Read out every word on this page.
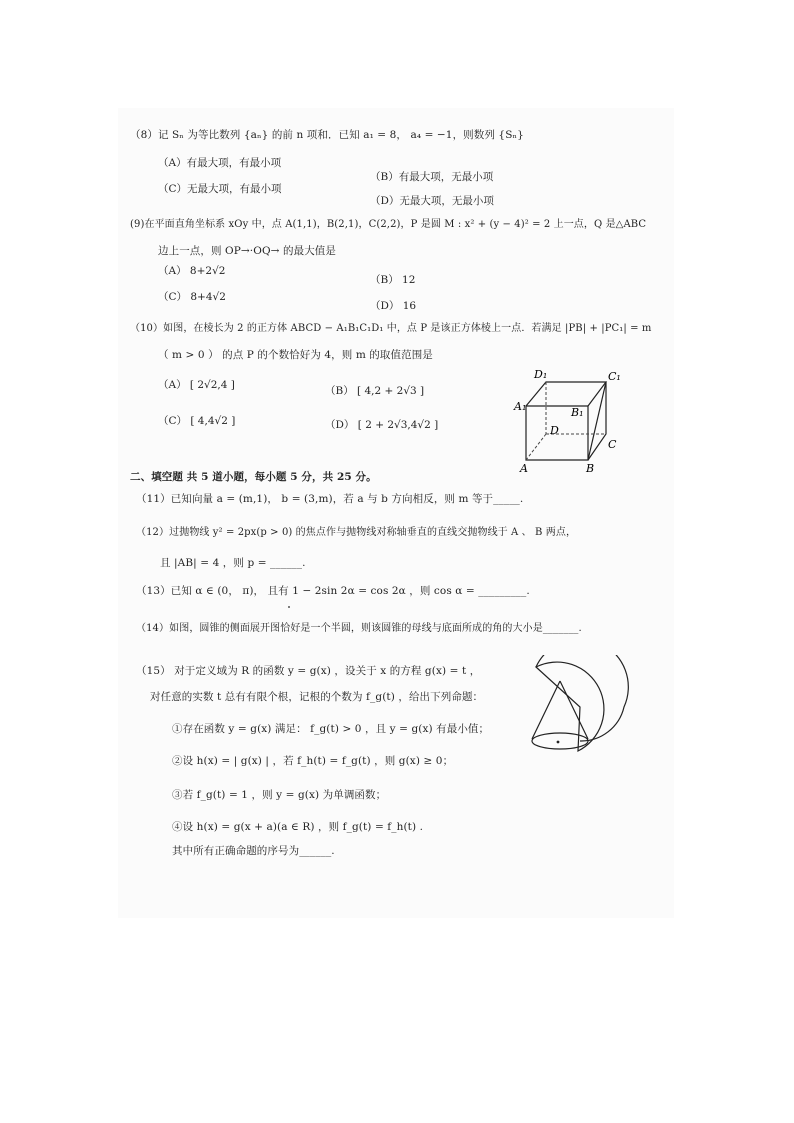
（8）记 Sₙ 为等比数列 {aₙ} 的前 n 项和．已知 a₁ = 8， a₄ = −1，则数列 {Sₙ}
（A）有最大项，有最小项
（B）有最大项，无最小项
（C）无最大项，有最小项
（D）无最大项，无最小项
(9)在平面直角坐标系 xOy 中，点 A(1,1)，B(2,1)，C(2,2)，P 是圆 M : x² + (y − 4)² = 2 上一点，Q 是△ABC
边上一点，则 OP→·OQ→ 的最大值是
（A） 8+2√2
（B） 12
（C） 8+4√2
（D） 16
（10）如图，在棱长为 2 的正方体 ABCD − A₁B₁C₁D₁ 中，点 P 是该正方体棱上一点．若满足 |PB| + |PC₁| = m
（ m > 0 ） 的点 P 的个数恰好为 4，则 m 的取值范围是
（A） [ 2√2,4 ]	（B） [ 4,2 + 2√3 ]
（C） [ 4,4√2 ]	（D） [ 2 + 2√3,4√2 ]
D₁	C₁
A₁	B₁
D
C
A	B
二、填空题 共 5 道小题，每小题 5 分，共 25 分。
（11）已知向量 a = (m,1)， b = (3,m)，若 a 与 b 方向相反，则 m 等于_____.
（12）过抛物线 y² = 2px(p > 0) 的焦点作与抛物线对称轴垂直的直线交抛物线于 A 、 B 两点，
且 |AB| = 4 ，则 p = ______.
（13）已知 α ∈ (0， π)， 且有 1 − 2sin 2α = cos 2α ，则 cos α = _________.
（14）如图，圆锥的侧面展开图恰好是一个半圆，则该圆锥的母线与底面所成的角的大小是_______.
（15） 对于定义域为 R 的函数 y = g(x) ，设关于 x 的方程 g(x) = t ，
对任意的实数 t 总有有限个根，记根的个数为 f_g(t) ，给出下列命题：
①存在函数 y = g(x) 满足： f_g(t) > 0 ，且 y = g(x) 有最小值；
②设 h(x) = | g(x) | ，若 f_h(t) = f_g(t) ，则 g(x) ≥ 0；
③若 f_g(t) = 1 ，则 y = g(x) 为单调函数；
④设 h(x) = g(x + a)(a ∈ R) ，则 f_g(t) = f_h(t) .
其中所有正确命题的序号为______.
